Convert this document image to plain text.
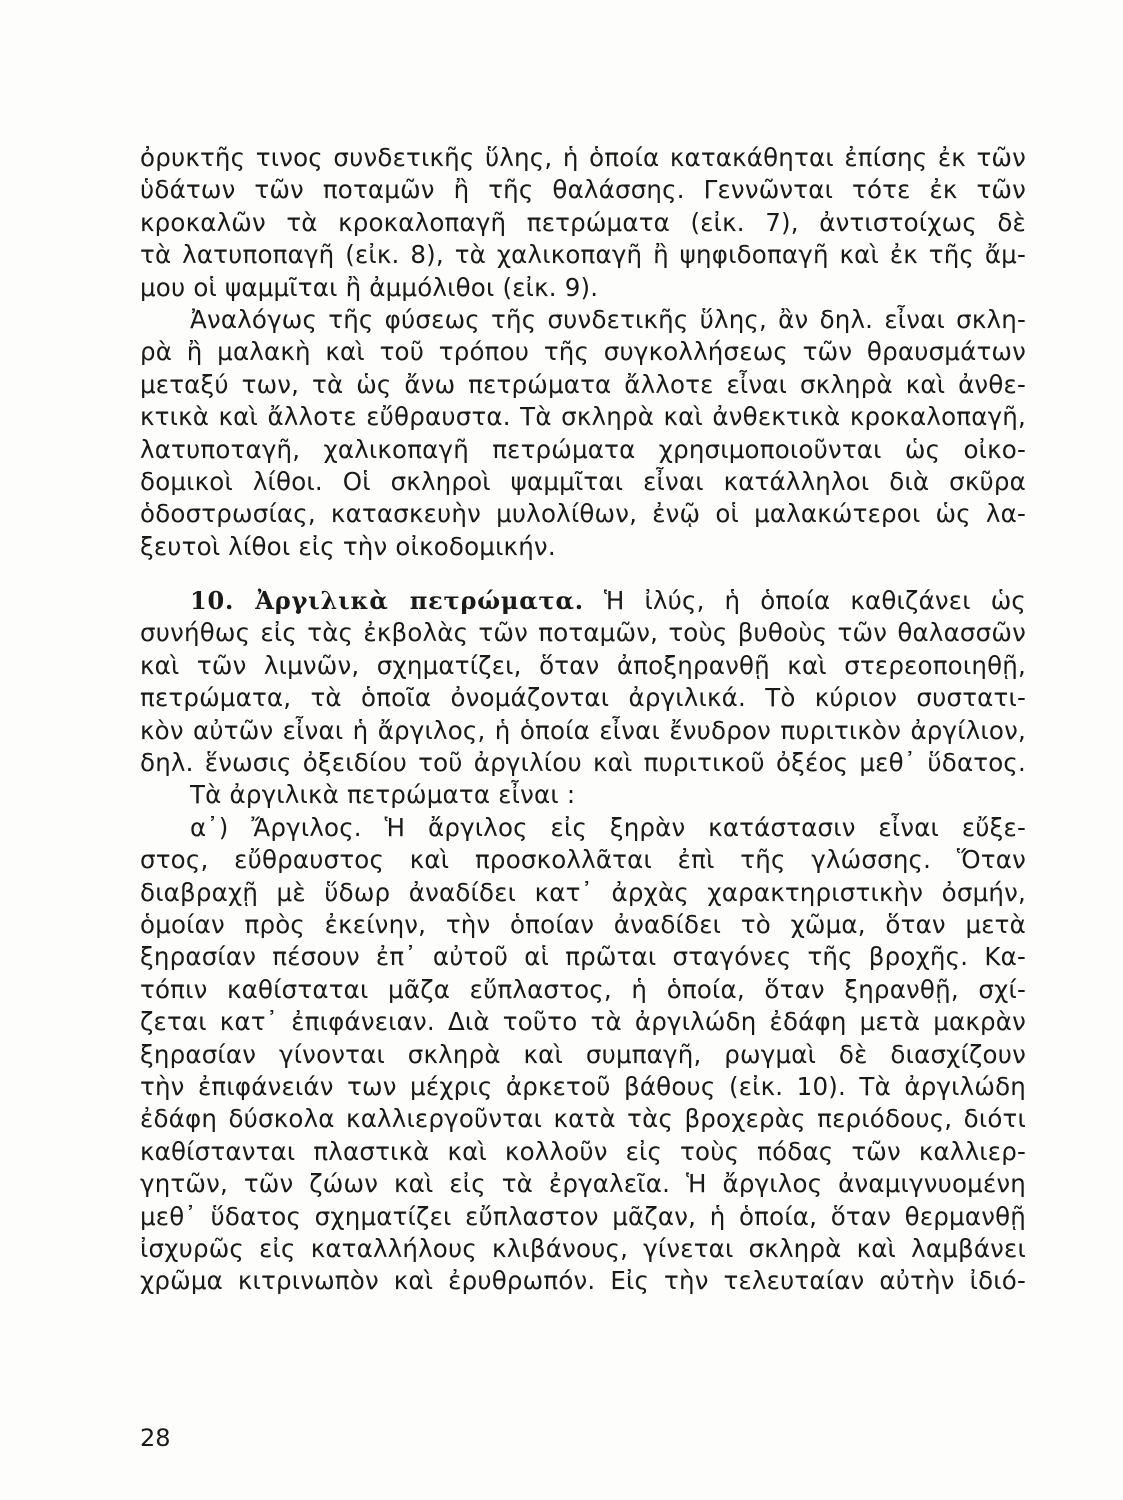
ὀρυκτῆς τινος συνδετικῆς ὕλης, ἡ ὁποία κατακάθηται ἐπίσης ἐκ τῶν
ὑδάτων τῶν ποταμῶν ἢ τῆς θαλάσσης. Γεννῶνται τότε ἐκ τῶν
κροκαλῶν τὰ κροκαλοπαγῆ πετρώματα (εἰκ. 7), ἀντιστοίχως δὲ
τὰ λατυποπαγῆ (εἰκ. 8), τὰ χαλικοπαγῆ ἢ ψηφιδοπαγῆ καὶ ἐκ τῆς ἄμ-
μου οἱ ψαμμῖται ἢ ἀμμόλιθοι (εἰκ. 9).
Ἀναλόγως τῆς φύσεως τῆς συνδετικῆς ὕλης, ἂν δηλ. εἶναι σκλη-
ρὰ ἢ μαλακὴ καὶ τοῦ τρόπου τῆς συγκολλήσεως τῶν θραυσμάτων
μεταξύ των, τὰ ὡς ἄνω πετρώματα ἄλλοτε εἶναι σκληρὰ καὶ ἀνθε-
κτικὰ καὶ ἄλλοτε εὔθραυστα. Τὰ σκληρὰ καὶ ἀνθεκτικὰ κροκαλοπαγῆ,
λατυποταγῆ, χαλικοπαγῆ πετρώματα χρησιμοποιοῦνται ὡς οἰκο-
δομικοὶ λίθοι. Οἱ σκληροὶ ψαμμῖται εἶναι κατάλληλοι διὰ σκῦρα
ὁδοστρωσίας, κατασκευὴν μυλολίθων, ἐνῷ οἱ μαλακώτεροι ὡς λα-
ξευτοὶ λίθοι εἰς τὴν οἰκοδομικήν.
10. Ἀργιλικὰ πετρώματα. Ἡ ἰλύς, ἡ ὁποία καθιζάνει ὡς
συνήθως εἰς τὰς ἐκβολὰς τῶν ποταμῶν, τοὺς βυθοὺς τῶν θαλασσῶν
καὶ τῶν λιμνῶν, σχηματίζει, ὅταν ἀποξηρανθῇ καὶ στερεοποιηθῇ,
πετρώματα, τὰ ὁποῖα ὀνομάζονται ἀργιλικά. Τὸ κύριον συστατι-
κὸν αὐτῶν εἶναι ἡ ἄργιλος, ἡ ὁποία εἶναι ἔνυδρον πυριτικὸν ἀργίλιον,
δηλ. ἕνωσις ὀξειδίου τοῦ ἀργιλίου καὶ πυριτικοῦ ὀξέος μεθ᾽ ὕδατος.
Τὰ ἀργιλικὰ πετρώματα εἶναι :
α᾽) Ἄργιλος. Ἡ ἄργιλος εἰς ξηρὰν κατάστασιν εἶναι εὔξε-
στος, εὔθραυστος καὶ προσκολλᾶται ἐπὶ τῆς γλώσσης. Ὅταν
διαβραχῇ μὲ ὕδωρ ἀναδίδει κατ᾽ ἀρχὰς χαρακτηριστικὴν ὀσμήν,
ὁμοίαν πρὸς ἐκείνην, τὴν ὁποίαν ἀναδίδει τὸ χῶμα, ὅταν μετὰ
ξηρασίαν πέσουν ἐπ᾽ αὐτοῦ αἱ πρῶται σταγόνες τῆς βροχῆς. Κα-
τόπιν καθίσταται μᾶζα εὔπλαστος, ἡ ὁποία, ὅταν ξηρανθῇ, σχί-
ζεται κατ᾽ ἐπιφάνειαν. Διὰ τοῦτο τὰ ἀργιλώδη ἐδάφη μετὰ μακρὰν
ξηρασίαν γίνονται σκληρὰ καὶ συμπαγῆ, ρωγμαὶ δὲ διασχίζουν
τὴν ἐπιφάνειάν των μέχρις ἀρκετοῦ βάθους (εἰκ. 10). Τὰ ἀργιλώδη
ἐδάφη δύσκολα καλλιεργοῦνται κατὰ τὰς βροχερὰς περιόδους, διότι
καθίστανται πλαστικὰ καὶ κολλοῦν εἰς τοὺς πόδας τῶν καλλιερ-
γητῶν, τῶν ζώων καὶ εἰς τὰ ἐργαλεῖα. Ἡ ἄργιλος ἀναμιγνυομένη
μεθ᾽ ὕδατος σχηματίζει εὔπλαστον μᾶζαν, ἡ ὁποία, ὅταν θερμανθῇ
ἰσχυρῶς εἰς καταλλήλους κλιβάνους, γίνεται σκληρὰ καὶ λαμβάνει
χρῶμα κιτρινωπὸν καὶ ἐρυθρωπόν. Εἰς τὴν τελευταίαν αὐτὴν ἰδιό-
28
